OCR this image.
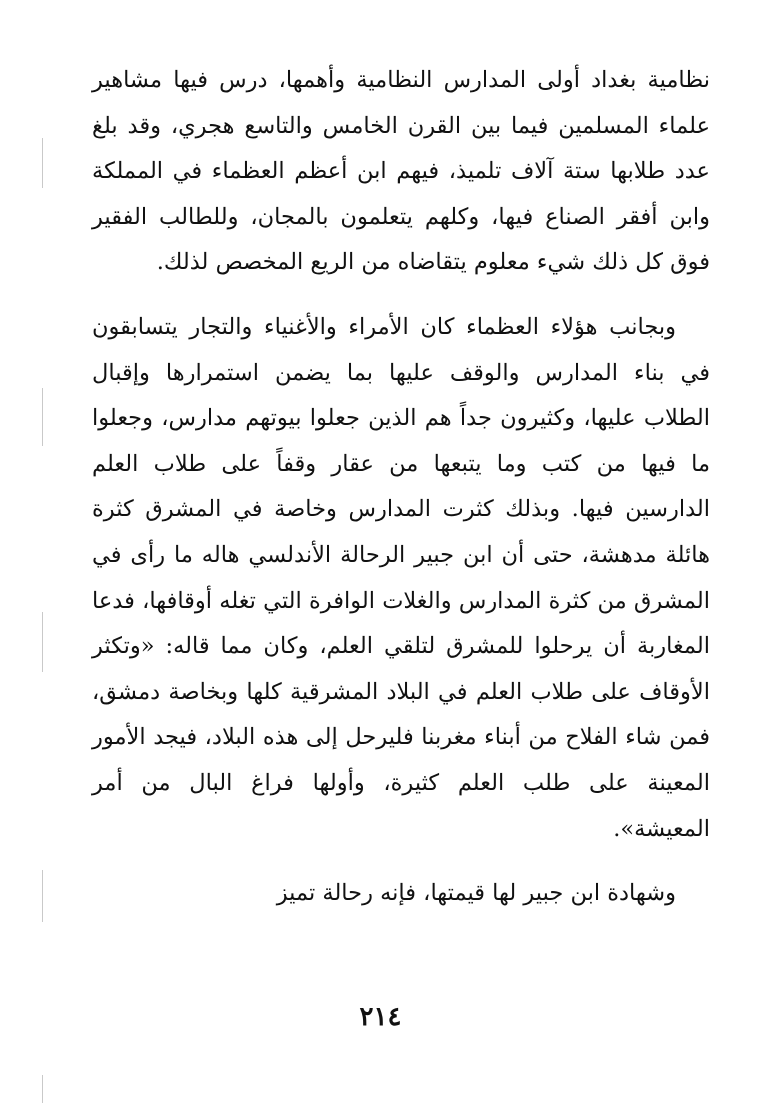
نظامية بغداد أولى المدارس النظامية وأهمها، درس فيها مشاهير علماء المسلمين فيما بين القرن الخامس والتاسع هجري، وقد بلغ عدد طلابها ستة آلاف تلميذ، فيهم ابن أعظم العظماء في المملكة وابن أفقر الصناع فيها، وكلهم يتعلمون بالمجان، وللطالب الفقير فوق كل ذلك شيء معلوم يتقاضاه من الريع المخصص لذلك.

وبجانب هؤلاء العظماء كان الأمراء والأغنياء والتجار يتسابقون في بناء المدارس والوقف عليها بما يضمن استمرارها وإقبال الطلاب عليها، وكثيرون جداً هم الذين جعلوا بيوتهم مدارس، وجعلوا ما فيها من كتب وما يتبعها من عقار وقفاً على طلاب العلم الدارسين فيها. وبذلك كثرت المدارس وخاصة في المشرق كثرة هائلة مدهشة، حتى أن ابن جبير الرحالة الأندلسي هاله ما رأى في المشرق من كثرة المدارس والغلات الوافرة التي تغله أوقافها، فدعا المغاربة أن يرحلوا للمشرق لتلقي العلم، وكان مما قاله: «وتكثر الأوقاف على طلاب العلم في البلاد المشرقية كلها وبخاصة دمشق، فمن شاء الفلاح من أبناء مغربنا فليرحل إلى هذه البلاد، فيجد الأمور المعينة على طلب العلم كثيرة، وأولها فراغ البال من أمر المعيشة».

وشهادة ابن جبير لها قيمتها، فإنه رحالة تميز

٢١٤
